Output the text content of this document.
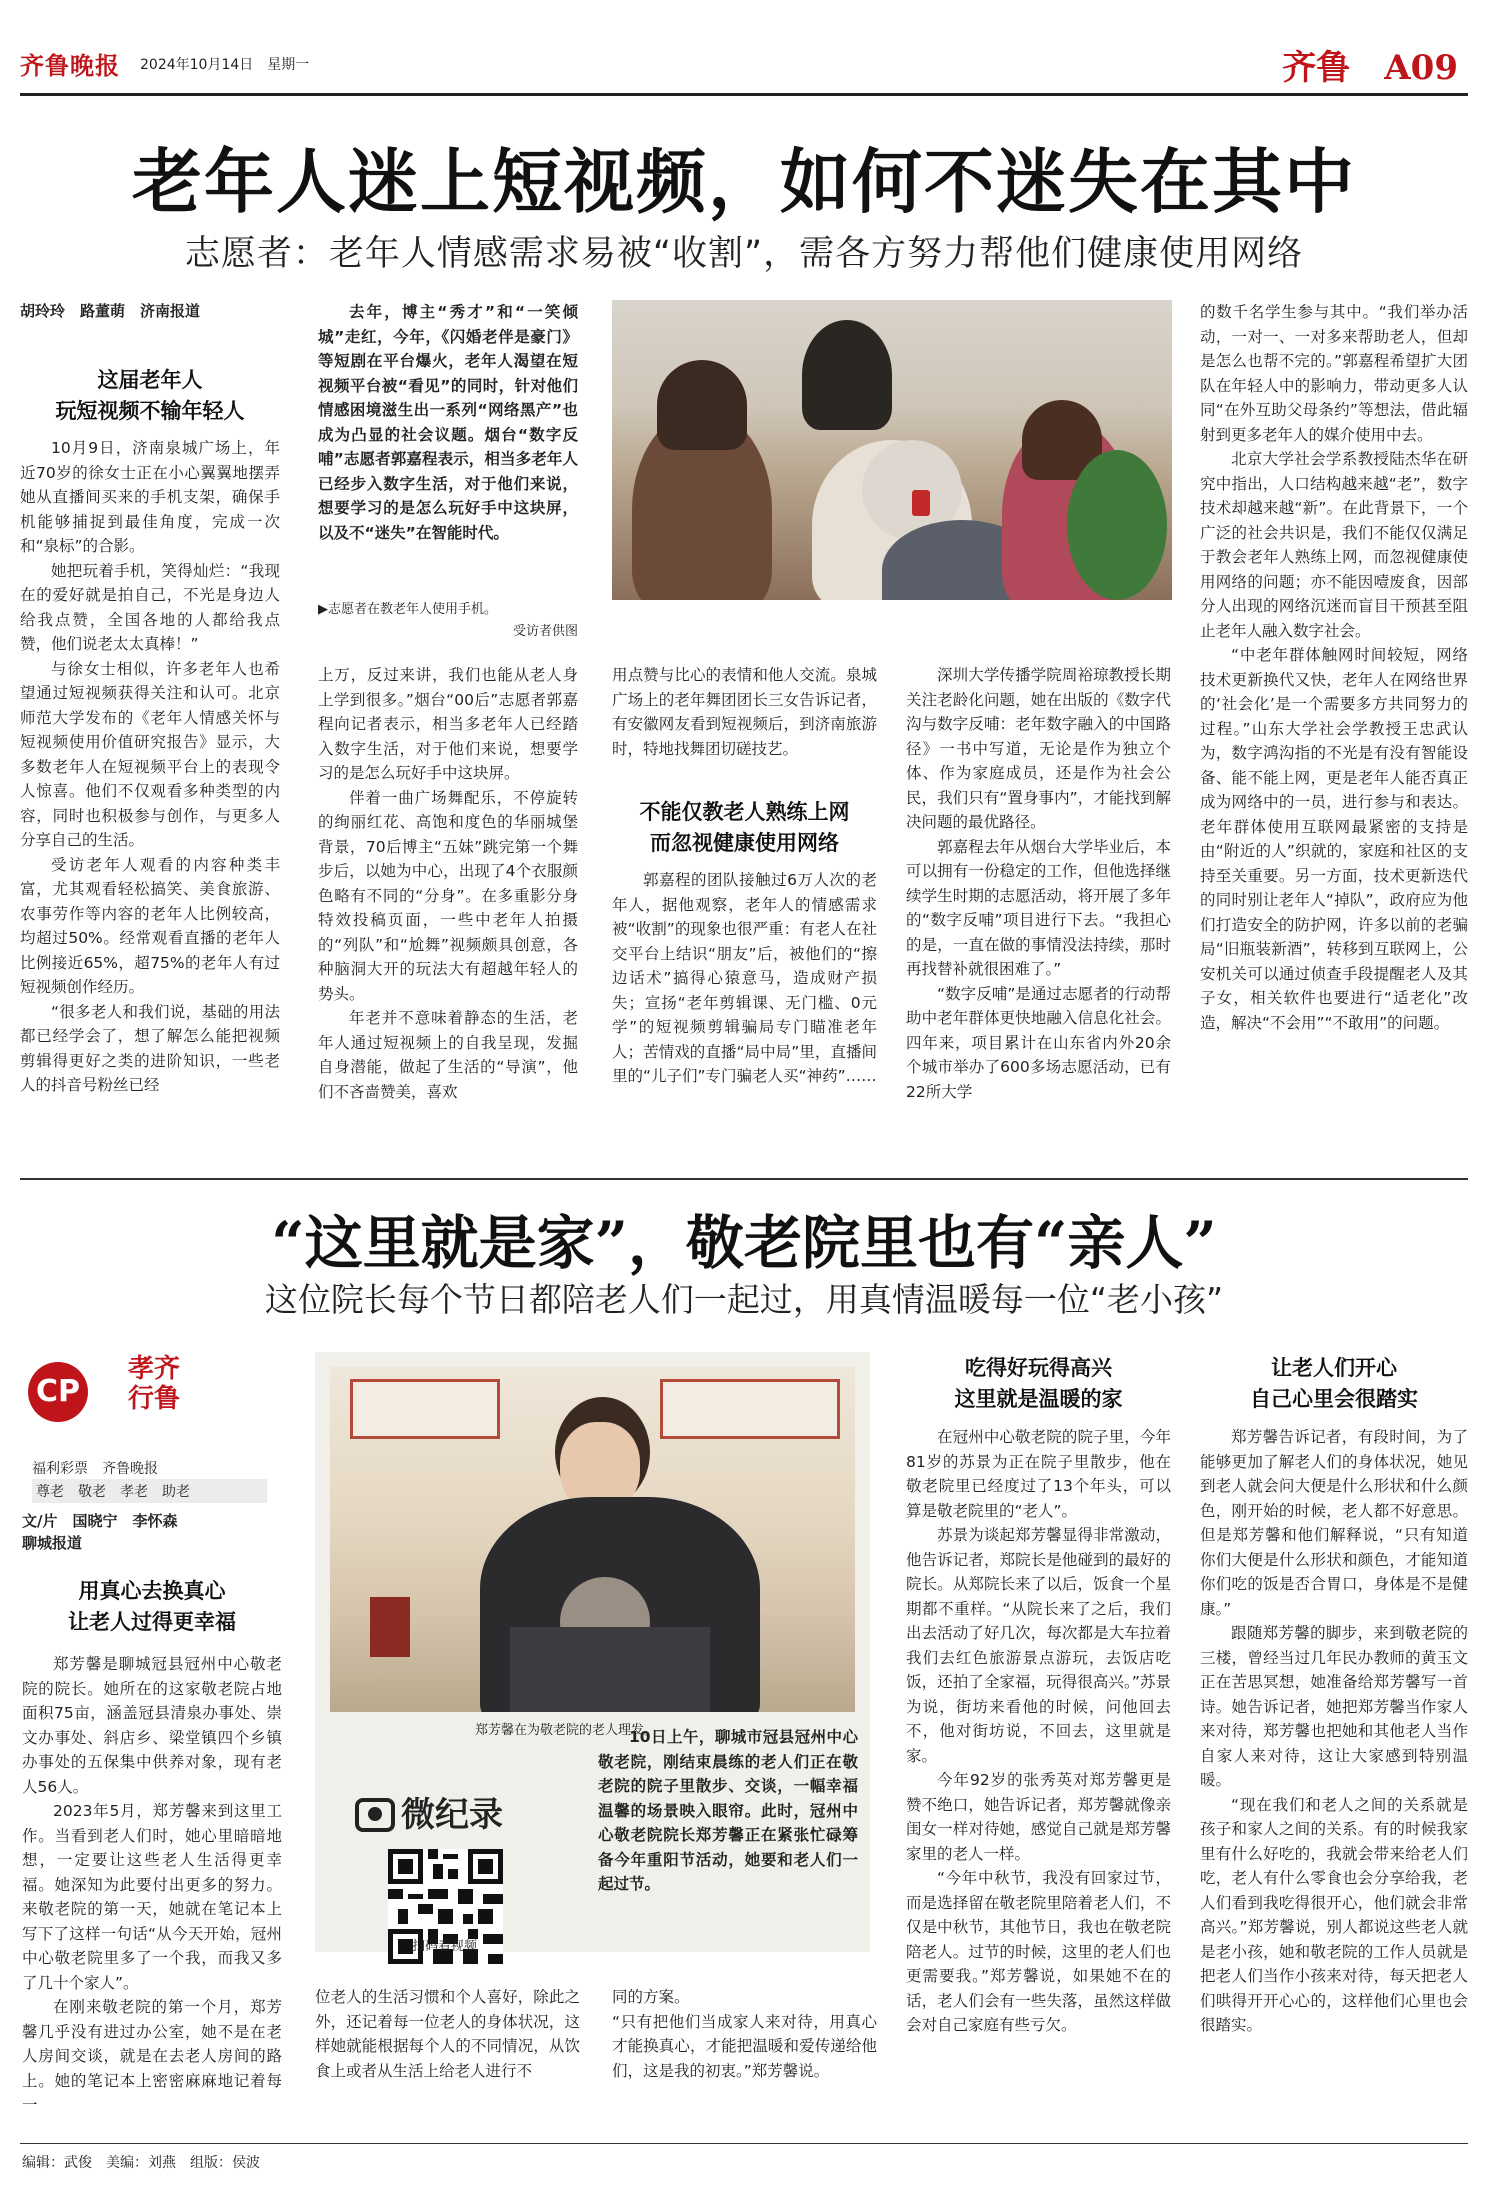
齐鲁晚报 2024年10月14日　星期一	齐鲁　A09
老年人迷上短视频，如何不迷失在其中
志愿者：老年人情感需求易被“收割”，需各方努力帮他们健康使用网络
胡玲玲　路董萌　济南报道
这届老年人
玩短视频不输年轻人

10月9日，济南泉城广场上，年近70岁的徐女士正在小心翼翼地摆弄她从直播间买来的手机支架，确保手机能够捕捉到最佳角度，完成一次和“泉标”的合影。

她把玩着手机，笑得灿烂：“我现在的爱好就是拍自己，不光是身边人给我点赞，全国各地的人都给我点赞，他们说老太太真棒！”

与徐女士相似，许多老年人也希望通过短视频获得关注和认可。北京师范大学发布的《老年人情感关怀与短视频使用价值研究报告》显示，大多数老年人在短视频平台上的表现令人惊喜。他们不仅观看多种类型的内容，同时也积极参与创作，与更多人分享自己的生活。

受访老年人观看的内容种类丰富，尤其观看轻松搞笑、美食旅游、农事劳作等内容的老年人比例较高，均超过50%。经常观看直播的老年人比例接近65%，超75%的老年人有过短视频创作经历。

“很多老人和我们说，基础的用法都已经学会了，想了解怎么能把视频剪辑得更好之类的进阶知识，一些老人的抖音号粉丝已经

去年，博主“秀才”和“一笑倾城”走红，今年，《闪婚老伴是豪门》等短剧在平台爆火，老年人渴望在短视频平台被“看见”的同时，针对他们情感困境滋生出一系列“网络黑产”也成为凸显的社会议题。烟台“数字反哺”志愿者郭嘉程表示，相当多老年人已经步入数字生活，对于他们来说，想要学习的是怎么玩好手中这块屏，以及不“迷失”在智能时代。

▶志愿者在教老年人使用手机。
受访者供图

上万，反过来讲，我们也能从老人身上学到很多。”烟台“00后”志愿者郭嘉程向记者表示，相当多老年人已经踏入数字生活，对于他们来说，想要学习的是怎么玩好手中这块屏。

伴着一曲广场舞配乐，不停旋转的绚丽红花、高饱和度色的华丽城堡背景，70后博主“五妹”跳完第一个舞步后，以她为中心，出现了4个衣服颜色略有不同的“分身”。在多重影分身特效投稿页面，一些中老年人拍摄的“列队”和“尬舞”视频颇具创意，各种脑洞大开的玩法大有超越年轻人的势头。

年老并不意味着静态的生活，老年人通过短视频上的自我呈现，发掘自身潜能，做起了生活的“导演”，他们不吝啬赞美，喜欢

用点赞与比心的表情和他人交流。泉城广场上的老年舞团团长三女告诉记者，有安徽网友看到短视频后，到济南旅游时，特地找舞团切磋技艺。

不能仅教老人熟练上网
而忽视健康使用网络

郭嘉程的团队接触过6万人次的老年人，据他观察，老年人的情感需求被“收割”的现象也很严重：有老人在社交平台上结识“朋友”后，被他们的“擦边话术”搞得心猿意马，造成财产损失；宣扬“老年剪辑课、无门槛、0元学”的短视频剪辑骗局专门瞄准老年人；苦情戏的直播“局中局”里，直播间里的“儿子们”专门骗老人买“神药”……

深圳大学传播学院周裕琼教授长期关注老龄化问题，她在出版的《数字代沟与数字反哺：老年数字融入的中国路径》一书中写道，无论是作为独立个体、作为家庭成员，还是作为社会公民，我们只有“置身事内”，才能找到解决问题的最优路径。

郭嘉程去年从烟台大学毕业后，本可以拥有一份稳定的工作，但他选择继续学生时期的志愿活动，将开展了多年的“数字反哺”项目进行下去。“我担心的是，一直在做的事情没法持续，那时再找替补就很困难了。”

“数字反哺”是通过志愿者的行动帮助中老年群体更快地融入信息化社会。四年来，项目累计在山东省内外20余个城市举办了600多场志愿活动，已有22所大学

的数千名学生参与其中。“我们举办活动，一对一、一对多来帮助老人，但却是怎么也帮不完的。”郭嘉程希望扩大团队在年轻人中的影响力，带动更多人认同“在外互助父母条约”等想法，借此辐射到更多老年人的媒介使用中去。

北京大学社会学系教授陆杰华在研究中指出，人口结构越来越“老”，数字技术却越来越“新”。在此背景下，一个广泛的社会共识是，我们不能仅仅满足于教会老年人熟练上网，而忽视健康使用网络的问题；亦不能因噎废食，因部分人出现的网络沉迷而盲目干预甚至阻止老年人融入数字社会。

“中老年群体触网时间较短，网络技术更新换代又快，老年人在网络世界的‘社会化’是一个需要多方共同努力的过程。”山东大学社会学教授王忠武认为，数字鸿沟指的不光是有没有智能设备、能不能上网，更是老年人能否真正成为网络中的一员，进行参与和表达。老年群体使用互联网最紧密的支持是由“附近的人”织就的，家庭和社区的支持至关重要。另一方面，技术更新迭代的同时别让老年人“掉队”，政府应为他们打造安全的防护网，许多以前的老骗局“旧瓶装新酒”，转移到互联网上，公安机关可以通过侦查手段提醒老人及其子女，相关软件也要进行“适老化”改造，解决“不会用”“不敢用”的问题。

“这里就是家”，敬老院里也有“亲人”
这位院长每个节日都陪老人们一起过，用真情温暖每一位“老小孩”
CP
孝齐
行鲁
福利彩票　齐鲁晚报
尊老　敬老　孝老　助老
文/片　国晓宁　李怀森
聊城报道
用真心去换真心
让老人过得更幸福

郑芳馨是聊城冠县冠州中心敬老院的院长。她所在的这家敬老院占地面积75亩，涵盖冠县清泉办事处、崇文办事处、斜店乡、梁堂镇四个乡镇办事处的五保集中供养对象，现有老人56人。

2023年5月，郑芳馨来到这里工作。当看到老人们时，她心里暗暗地想，一定要让这些老人生活得更幸福。她深知为此要付出更多的努力。来敬老院的第一天，她就在笔记本上写下了这样一句话“从今天开始，冠州中心敬老院里多了一个我，而我又多了几十个家人”。

在刚来敬老院的第一个月，郑芳馨几乎没有进过办公室，她不是在老人房间交谈，就是在去老人房间的路上。她的笔记本上密密麻麻地记着每一

郑芳馨在为敬老院的老人理发。
微纪录
扫码看视频

10日上午，聊城市冠县冠州中心敬老院，刚结束晨练的老人们正在敬老院的院子里散步、交谈，一幅幸福温馨的场景映入眼帘。此时，冠州中心敬老院院长郑芳馨正在紧张忙碌筹备今年重阳节活动，她要和老人们一起过节。

位老人的生活习惯和个人喜好，除此之外，还记着每一位老人的身体状况，这样她就能根据每个人的不同情况，从饮食上或者从生活上给老人进行不

同的方案。
“只有把他们当成家人来对待，用真心才能换真心，才能把温暖和爱传递给他们，这是我的初衷。”郑芳馨说。

吃得好玩得高兴
这里就是温暖的家

在冠州中心敬老院的院子里，今年81岁的苏景为正在院子里散步，他在敬老院里已经度过了13个年头，可以算是敬老院里的“老人”。

苏景为谈起郑芳馨显得非常激动，他告诉记者，郑院长是他碰到的最好的院长。从郑院长来了以后，饭食一个星期都不重样。“从院长来了之后，我们出去活动了好几次，每次都是大车拉着我们去红色旅游景点游玩，去饭店吃饭，还拍了全家福，玩得很高兴。”苏景为说，街坊来看他的时候，问他回去不，他对街坊说，不回去，这里就是家。

今年92岁的张秀英对郑芳馨更是赞不绝口，她告诉记者，郑芳馨就像亲闺女一样对待她，感觉自己就是郑芳馨家里的老人一样。

“今年中秋节，我没有回家过节，而是选择留在敬老院里陪着老人们，不仅是中秋节，其他节日，我也在敬老院陪老人。过节的时候，这里的老人们也更需要我。”郑芳馨说，如果她不在的话，老人们会有一些失落，虽然这样做会对自己家庭有些亏欠。

让老人们开心
自己心里会很踏实

郑芳馨告诉记者，有段时间，为了能够更加了解老人们的身体状况，她见到老人就会问大便是什么形状和什么颜色，刚开始的时候，老人都不好意思。但是郑芳馨和他们解释说，“只有知道你们大便是什么形状和颜色，才能知道你们吃的饭是否合胃口，身体是不是健康。”

跟随郑芳馨的脚步，来到敬老院的三楼，曾经当过几年民办教师的黄玉文正在苦思冥想，她准备给郑芳馨写一首诗。她告诉记者，她把郑芳馨当作家人来对待，郑芳馨也把她和其他老人当作自家人来对待，这让大家感到特别温暖。

“现在我们和老人之间的关系就是孩子和家人之间的关系。有的时候我家里有什么好吃的，我就会带来给老人们吃，老人有什么零食也会分享给我，老人们看到我吃得很开心，他们就会非常高兴。”郑芳馨说，别人都说这些老人就是老小孩，她和敬老院的工作人员就是把老人们当作小孩来对待，每天把老人们哄得开开心心的，这样他们心里也会很踏实。

编辑：武俊　美编：刘燕　组版：侯波
